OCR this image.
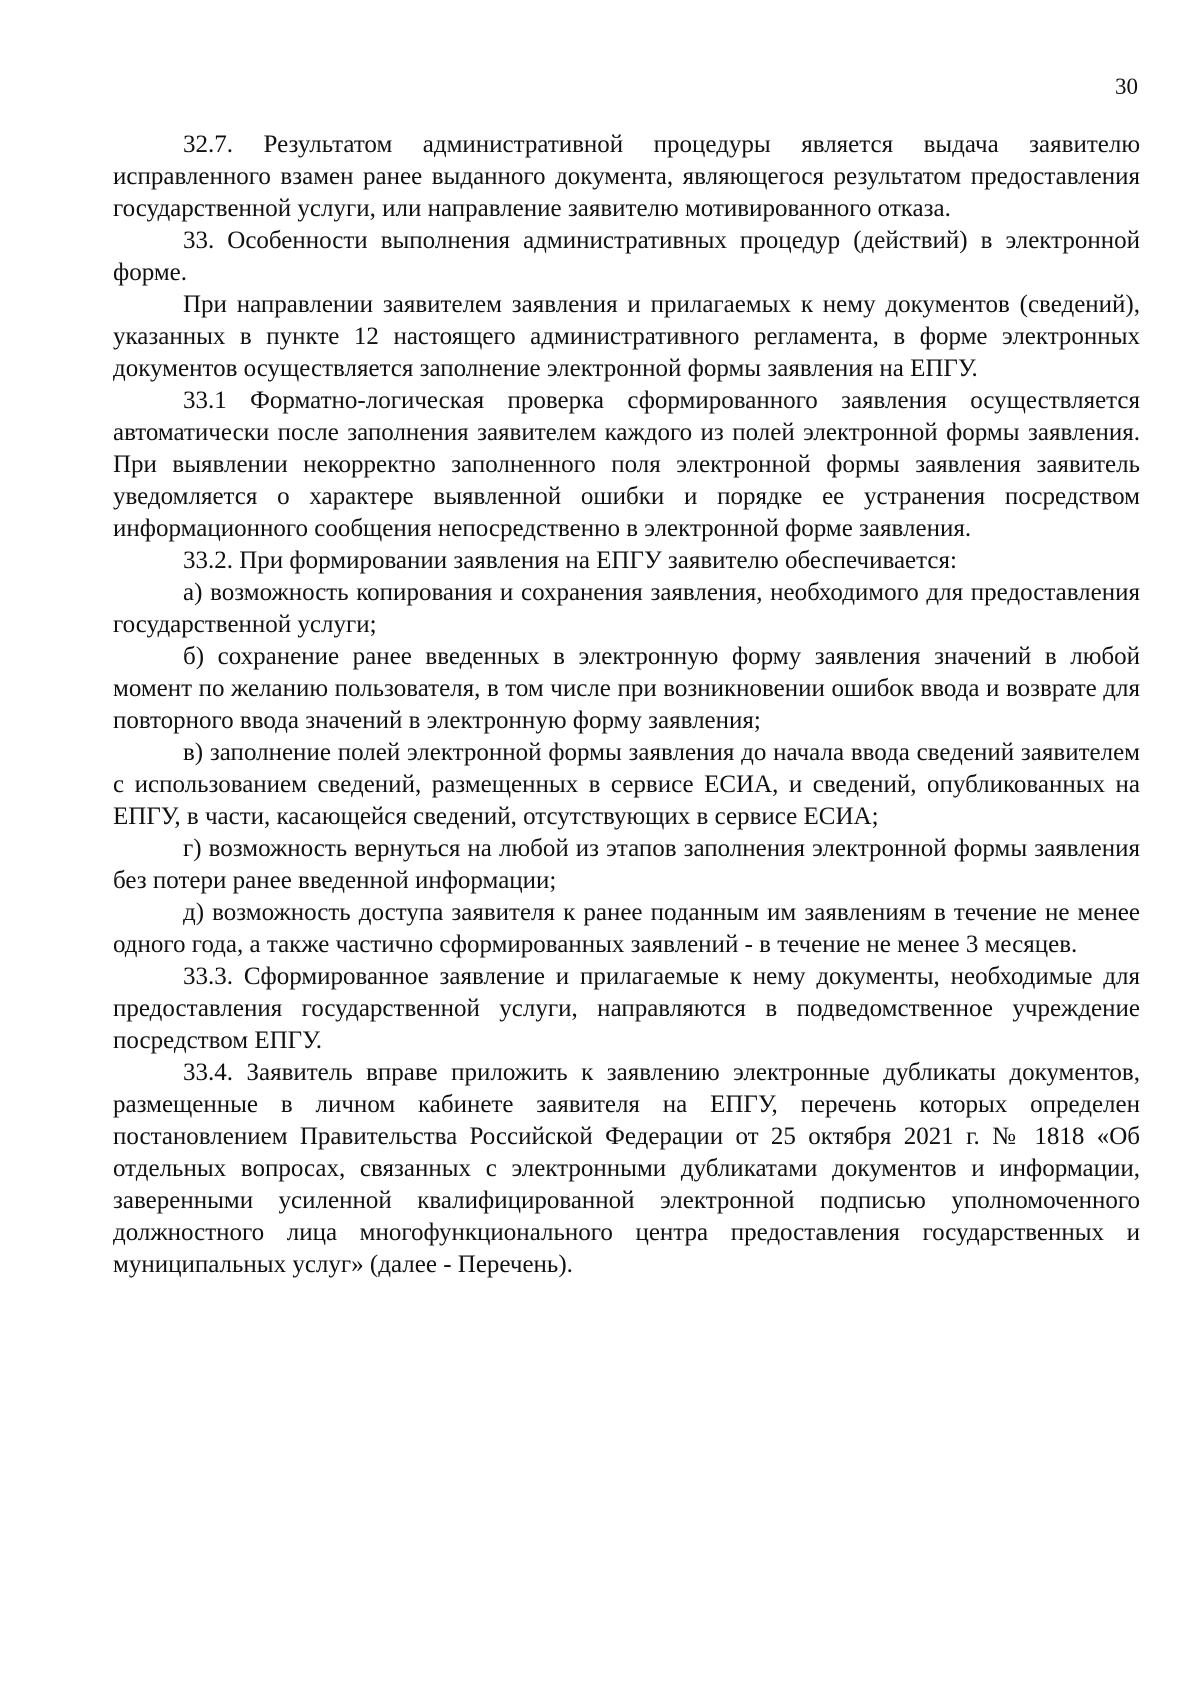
30

32.7. Результатом административной процедуры является выдача заявителю исправленного взамен ранее выданного документа, являющегося результатом предоставления государственной услуги, или направление заявителю мотивированного отказа.

33. Особенности выполнения административных процедур (действий) в электронной форме.

При направлении заявителем заявления и прилагаемых к нему документов (сведений), указанных в пункте 12 настоящего административного регламента, в форме электронных документов осуществляется заполнение электронной формы заявления на ЕПГУ.

33.1 Форматно-логическая проверка сформированного заявления осуществляется автоматически после заполнения заявителем каждого из полей электронной формы заявления. При выявлении некорректно заполненного поля электронной формы заявления заявитель уведомляется о характере выявленной ошибки и порядке ее устранения посредством информационного сообщения непосредственно в электронной форме заявления.

33.2. При формировании заявления на ЕПГУ заявителю обеспечивается:

а) возможность копирования и сохранения заявления, необходимого для предоставления государственной услуги;

б) сохранение ранее введенных в электронную форму заявления значений в любой момент по желанию пользователя, в том числе при возникновении ошибок ввода и возврате для повторного ввода значений в электронную форму заявления;

в) заполнение полей электронной формы заявления до начала ввода сведений заявителем с использованием сведений, размещенных в сервисе ЕСИА, и сведений, опубликованных на ЕПГУ, в части, касающейся сведений, отсутствующих в сервисе ЕСИА;

г) возможность вернуться на любой из этапов заполнения электронной формы заявления без потери ранее введенной информации;

д) возможность доступа заявителя к ранее поданным им заявлениям в течение не менее одного года, а также частично сформированных заявлений - в течение не менее 3 месяцев.

33.3. Сформированное заявление и прилагаемые к нему документы, необходимые для предоставления государственной услуги, направляются в подведомственное учреждение посредством ЕПГУ.

33.4. Заявитель вправе приложить к заявлению электронные дубликаты документов, размещенные в личном кабинете заявителя на ЕПГУ, перечень которых определен постановлением Правительства Российской Федерации от 25 октября 2021 г. № 1818 «Об отдельных вопросах, связанных с электронными дубликатами документов и информации, заверенными усиленной квалифицированной электронной подписью уполномоченного должностного лица многофункционального центра предоставления государственных и муниципальных услуг» (далее - Перечень).
